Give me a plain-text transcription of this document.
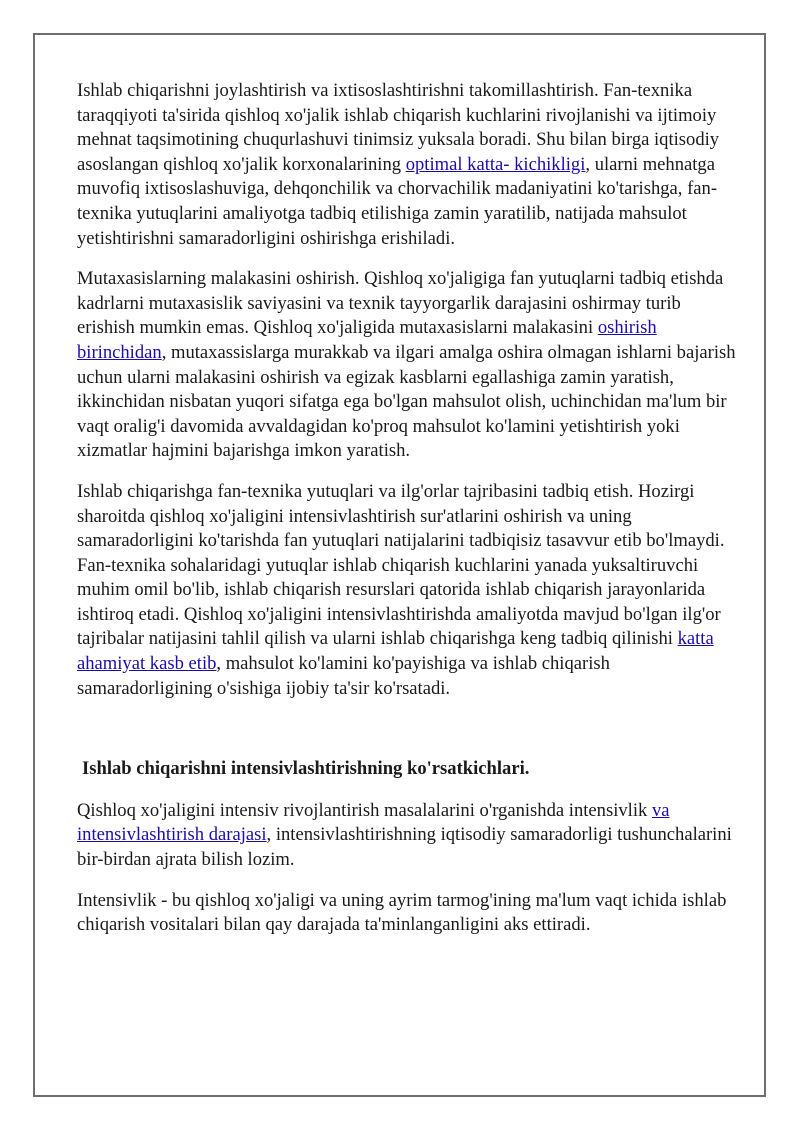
Ishlab chiqarishni joylashtirish va ixtisoslashtirishni takomillashtirish. Fan-texnika taraqqiyoti ta'sirida qishloq xo'jalik ishlab chiqarish kuchlarini rivojlanishi va ijtimoiy mehnat taqsimotining chuqurlashuvi tinimsiz yuksala boradi. Shu bilan birga iqtisodiy asoslangan qishloq xo'jalik korxonalarining optimal katta- kichikligi, ularni mehnatga muvofiq ixtisoslashuviga, dehqonchilik va chorvachilik madaniyatini ko'tarishga, fan-texnika yutuqlarini amaliyotga tadbiq etilishiga zamin yaratilib, natijada mahsulot yetishtirishni samaradorligini oshirishga erishiladi.

Mutaxasislarning malakasini oshirish. Qishloq xo'jaligiga fan yutuqlarni tadbiq etishda kadrlarni mutaxasislik saviyasini va texnik tayyorgarlik darajasini oshirmay turib erishish mumkin emas. Qishloq xo'jaligida mutaxasislarni malakasini oshirish birinchidan, mutaxassislarga murakkab va ilgari amalga oshira olmagan ishlarni bajarish uchun ularni malakasini oshirish va egizak kasblarni egallashiga zamin yaratish, ikkinchidan nisbatan yuqori sifatga ega bo'lgan mahsulot olish, uchinchidan ma'lum bir vaqt oralig'i davomida avvaldagidan ko'proq mahsulot ko'lamini yetishtirish yoki xizmatlar hajmini bajarishga imkon yaratish.

Ishlab chiqarishga fan-texnika yutuqlari va ilg'orlar tajribasini tadbiq etish. Hozirgi sharoitda qishloq xo'jaligini intensivlashtirish sur'atlarini oshirish va uning samaradorligini ko'tarishda fan yutuqlari natijalarini tadbiqisiz tasavvur etib bo'lmaydi. Fan-texnika sohalaridagi yutuqlar ishlab chiqarish kuchlarini yanada yuksaltiruvchi muhim omil bo'lib, ishlab chiqarish resurslari qatorida ishlab chiqarish jarayonlarida ishtiroq etadi. Qishloq xo'jaligini intensivlashtirishda amaliyotda mavjud bo'lgan ilg'or tajribalar natijasini tahlil qilish va ularni ishlab chiqarishga keng tadbiq qilinishi katta ahamiyat kasb etib, mahsulot ko'lamini ko'payishiga va ishlab chiqarish samaradorligining o'sishiga ijobiy ta'sir ko'rsatadi.

Ishlab chiqarishni intensivlashtirishning ko'rsatkichlari.

Qishloq xo'jaligini intensiv rivojlantirish masalalarini o'rganishda intensivlik va intensivlashtirish darajasi, intensivlashtirishning iqtisodiy samaradorligi tushunchalarini bir-birdan ajrata bilish lozim.

Intensivlik - bu qishloq xo'jaligi va uning ayrim tarmog'ining ma'lum vaqt ichida ishlab chiqarish vositalari bilan qay darajada ta'minlanganligini aks ettiradi.
